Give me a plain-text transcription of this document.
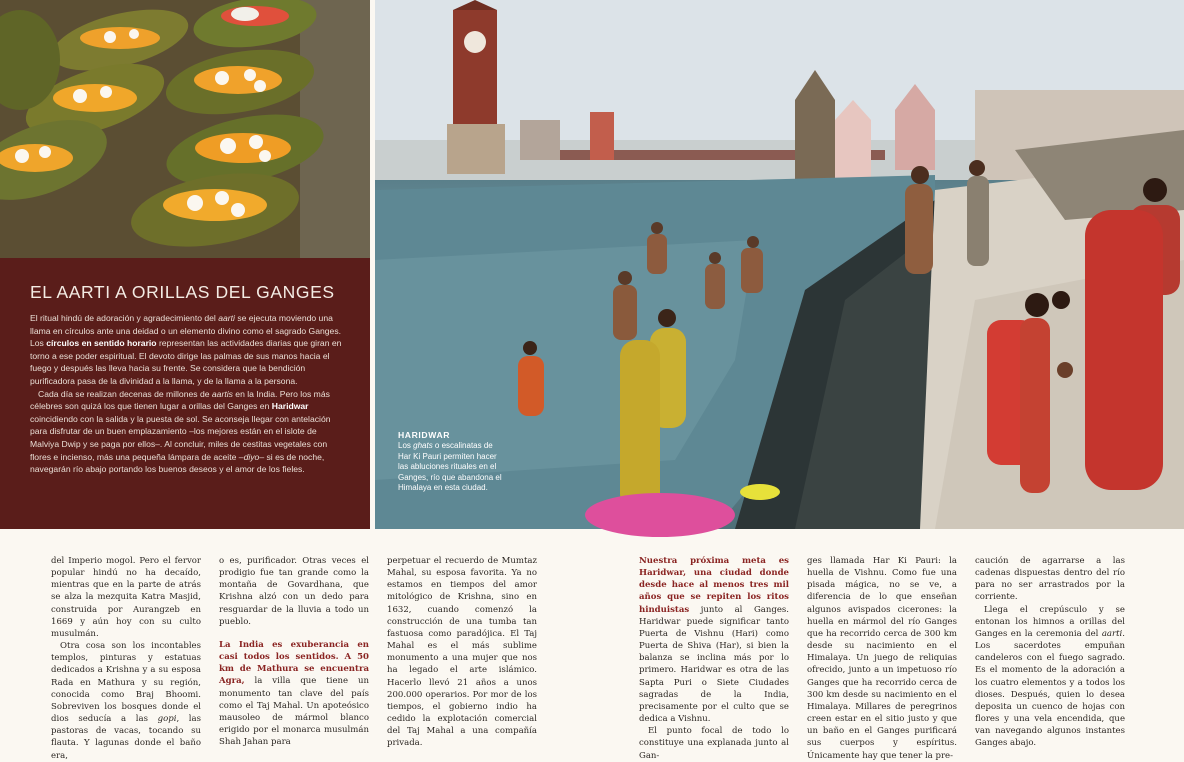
EL AARTI A ORILLAS DEL GANGES

El ritual hindú de adoración y agradecimiento del aarti se ejecuta moviendo una llama en círculos ante una deidad o un elemento divino como el sagrado Ganges. Los círculos en sentido horario representan las actividades diarias que giran en torno a ese poder espiritual. El devoto dirige las palmas de sus manos hacia el fuego y después las lleva hacia su frente. Se considera que la bendición purificadora pasa de la divinidad a la llama, y de la llama a la persona.

Cada día se realizan decenas de millones de aartis en la India. Pero los más célebres son quizá los que tienen lugar a orillas del Ganges en Haridwar coincidiendo con la salida y la puesta de sol. Se aconseja llegar con antelación para disfrutar de un buen emplazamiento –los mejores están en el islote de Malviya Dwip y se paga por ellos–. Al concluir, miles de cestitas vegetales con flores e incienso, más una pequeña lámpara de aceite –diyo– si es de noche, navegarán río abajo portando los buenos deseos y el amor de los fieles.

HARIDWAR
Los ghats o escalinatas de Har Ki Pauri permiten hacer las abluciones rituales en el Ganges, río que abandona el Himalaya en esta ciudad.

del Imperio mogol. Pero el fervor popular hindú no ha decaído, mientras que en la parte de atrás se alza la mezquita Katra Masjid, construida por Aurangzeb en 1669 y aún hoy con su culto musulmán.

Otra cosa son los incontables templos, pinturas y estatuas dedicados a Krishna y a su esposa Rada en Mathura y su región, conocida como Braj Bhoomi. Sobreviven los bosques donde el dios seducía a las gopi, las pastoras de vacas, tocando su flauta. Y lagunas donde el baño era,

o es, purificador. Otras veces el prodigio fue tan grande como la montaña de Govardhana, que Krishna alzó con un dedo para resguardar de la lluvia a todo un pueblo.

La India es exuberancia en casi todos los sentidos. A 50 km de Mathura se encuentra Agra, la villa que tiene un monumento tan clave del país como el Taj Mahal. Un apoteósico mausoleo de mármol blanco erigido por el monarca musulmán Shah Jahan para

perpetuar el recuerdo de Mumtaz Mahal, su esposa favorita. Ya no estamos en tiempos del amor mitológico de Krishna, sino en 1632, cuando comenzó la construcción de una tumba tan fastuosa como paradójica. El Taj Mahal es el más sublime monumento a una mujer que nos ha legado el arte islámico. Hacerlo llevó 21 años a unos 200.000 operarios. Por mor de los tiempos, el gobierno indio ha cedido la explotación comercial del Taj Mahal a una compañía privada.

Nuestra próxima meta es Haridwar, una ciudad donde desde hace al menos tres mil años que se repiten los ritos hinduistas junto al Ganges. Haridwar puede significar tanto Puerta de Vishnu (Hari) como Puerta de Shiva (Har), si bien la balanza se inclina más por lo primero. Haridwar es otra de las Sapta Puri o Siete Ciudades sagradas de la India, precisamente por el culto que se dedica a Vishnu.

El punto focal de todo lo constituye una explanada junto al Gan-

ges llamada Har Ki Pauri: la huella de Vishnu. Como fue una pisada mágica, no se ve, a diferencia de lo que enseñan algunos avispados cicerones: la huella en mármol del río Ganges que ha recorrido cerca de 300 km desde su nacimiento en el Himalaya. Un juego de reliquias ofrecido, junto a un impetuoso río Ganges que ha recorrido cerca de 300 km desde su nacimiento en el Himalaya. Millares de peregrinos creen estar en el sitio justo y que un baño en el Ganges purificará sus cuerpos y espíritus. Únicamente hay que tener la pre-

caución de agarrarse a las cadenas dispuestas dentro del río para no ser arrastrados por la corriente.

Llega el crepúsculo y se entonan los himnos a orillas del Ganges en la ceremonia del aarti. Los sacerdotes empuñan candeleros con el fuego sagrado. Es el momento de la adoración a los cuatro elementos y a todos los dioses. Después, quien lo desea deposita un cuenco de hojas con flores y una vela encendida, que van navegando algunos instantes Ganges abajo.
